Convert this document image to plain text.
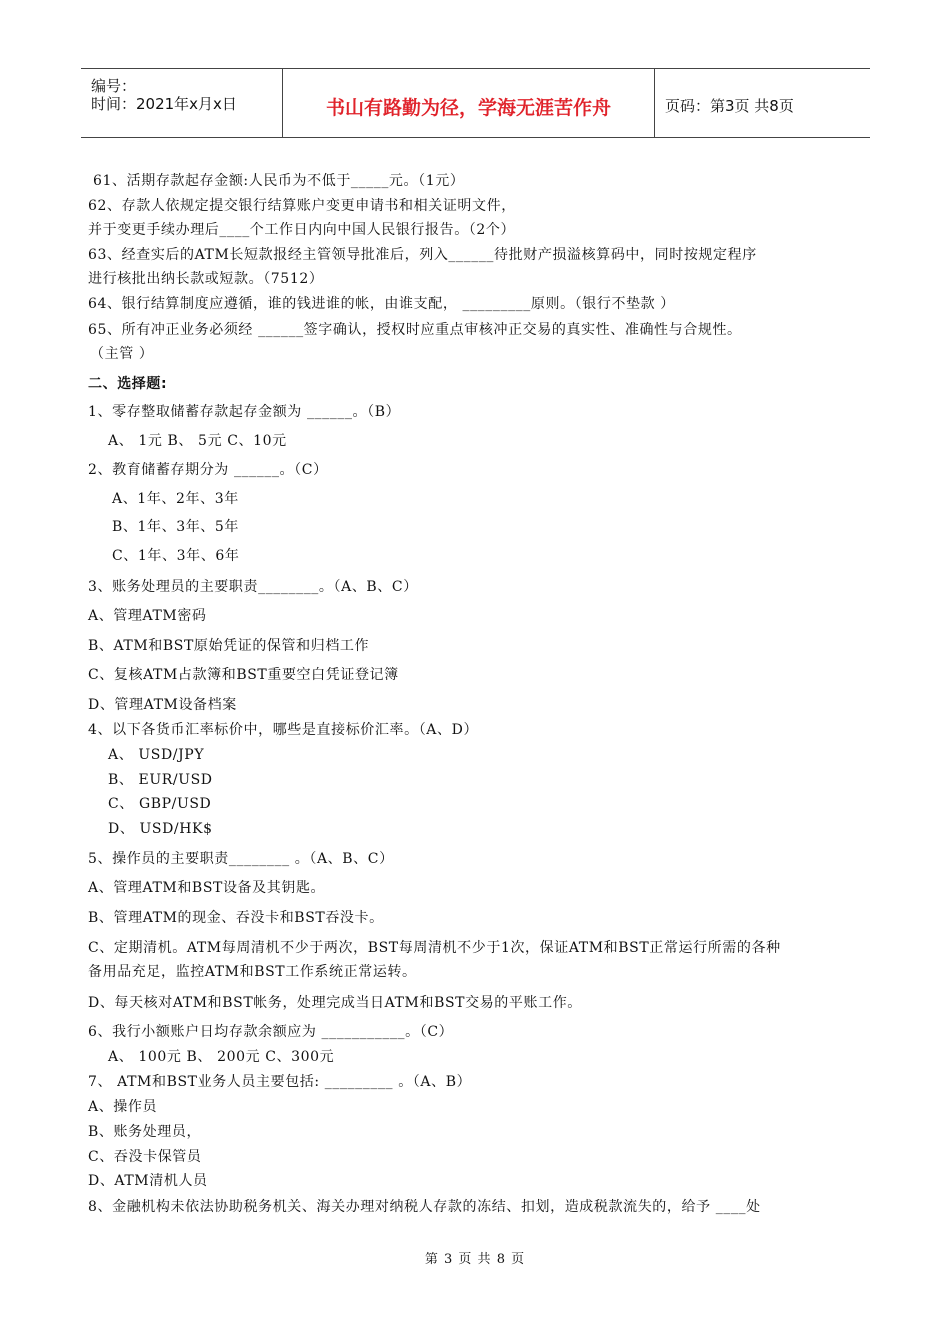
编号：
时间：2021年x月x日	书山有路勤为径，学海无涯苦作舟	页码：第3页 共8页
61、活期存款起存金额:人民币为不低于_____元。（1元）
62、存款人依规定提交银行结算账户变更申请书和相关证明文件，
并于变更手续办理后____个工作日内向中国人民银行报告。（2个）
63、经查实后的ATM长短款报经主管领导批准后，列入______待批财产损溢核算码中，同时按规定程序
进行核批出纳长款或短款。（7512）
64、银行结算制度应遵循，谁的钱进谁的帐，由谁支配， _________原则。（银行不垫款 ）
65、所有冲正业务必须经 ______签字确认，授权时应重点审核冲正交易的真实性、准确性与合规性。
（主管 ）
二、选择题:
1、零存整取储蓄存款起存金额为 ______。（B）
A、 1元 B、 5元 C、10元
2、教育储蓄存期分为 ______。（C）
A、1年、2年、3年
B、1年、3年、5年
C、1年、3年、6年
3、账务处理员的主要职责________。（A、B、C）
A、管理ATM密码
B、ATM和BST原始凭证的保管和归档工作
C、复核ATM占款簿和BST重要空白凭证登记簿
D、管理ATM设备档案
4、以下各货币汇率标价中，哪些是直接标价汇率。（A、D）
A、 USD/JPY
B、 EUR/USD
C、 GBP/USD
D、 USD/HK$
5、操作员的主要职责________ 。（A、B、C）
A、管理ATM和BST设备及其钥匙。
B、管理ATM的现金、吞没卡和BST吞没卡。
C、定期清机。ATM每周清机不少于两次，BST每周清机不少于1次，保证ATM和BST正常运行所需的各种
备用品充足，监控ATM和BST工作系统正常运转。
D、每天核对ATM和BST帐务，处理完成当日ATM和BST交易的平账工作。
6、我行小额账户日均存款余额应为 ___________。（C）
A、 100元 B、 200元 C、300元
7、 ATM和BST业务人员主要包括: _________ 。（A、B）
A、操作员
B、账务处理员，
C、吞没卡保管员
D、ATM清机人员
8、金融机构未依法协助税务机关、海关办理对纳税人存款的冻结、扣划，造成税款流失的，给予 ____处
第 3 页 共 8 页
